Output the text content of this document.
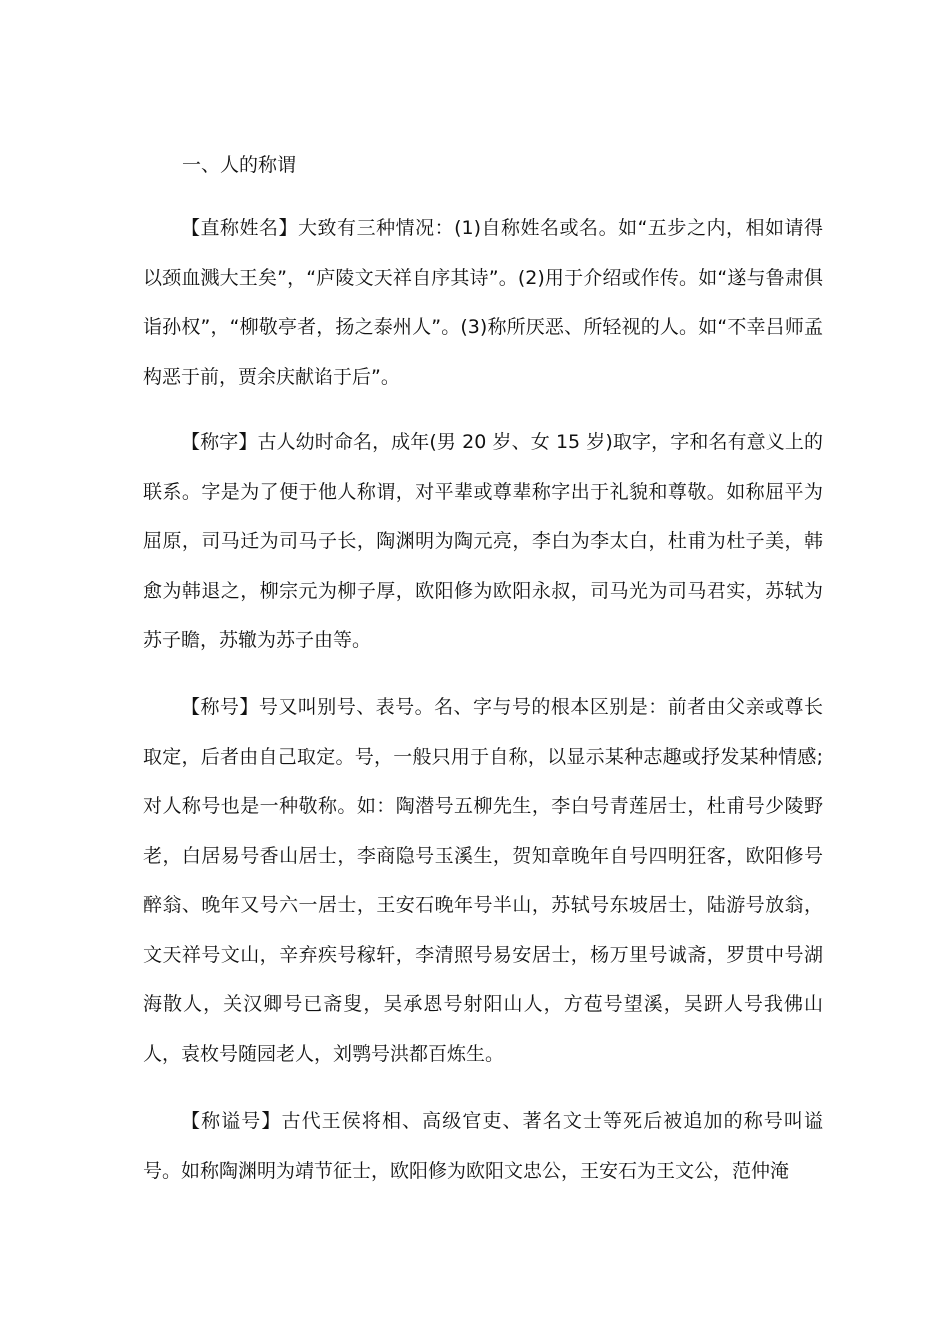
一、人的称谓

【直称姓名】大致有三种情况：(1)自称姓名或名。如“五步之内，相如请得以颈血溅大王矣”，“庐陵文天祥自序其诗”。(2)用于介绍或作传。如“遂与鲁肃俱诣孙权”，“柳敬亭者，扬之泰州人”。(3)称所厌恶、所轻视的人。如“不幸吕师孟构恶于前，贾余庆献谄于后”。

【称字】古人幼时命名，成年(男 20 岁、女 15 岁)取字，字和名有意义上的联系。字是为了便于他人称谓，对平辈或尊辈称字出于礼貌和尊敬。如称屈平为屈原，司马迁为司马子长，陶渊明为陶元亮，李白为李太白，杜甫为杜子美，韩愈为韩退之，柳宗元为柳子厚，欧阳修为欧阳永叔，司马光为司马君实，苏轼为苏子瞻，苏辙为苏子由等。

【称号】号又叫别号、表号。名、字与号的根本区别是：前者由父亲或尊长取定，后者由自己取定。号，一般只用于自称，以显示某种志趣或抒发某种情感;对人称号也是一种敬称。如：陶潜号五柳先生，李白号青莲居士，杜甫号少陵野老，白居易号香山居士，李商隐号玉溪生，贺知章晚年自号四明狂客，欧阳修号醉翁、晚年又号六一居士，王安石晚年号半山，苏轼号东坡居士，陆游号放翁，文天祥号文山，辛弃疾号稼轩，李清照号易安居士，杨万里号诚斋，罗贯中号湖海散人，关汉卿号已斋叟，吴承恩号射阳山人，方苞号望溪，吴趼人号我佛山人，袁枚号随园老人，刘鹗号洪都百炼生。

【称谥号】古代王侯将相、高级官吏、著名文士等死后被追加的称号叫谥号。如称陶渊明为靖节征士，欧阳修为欧阳文忠公，王安石为王文公，范仲淹
